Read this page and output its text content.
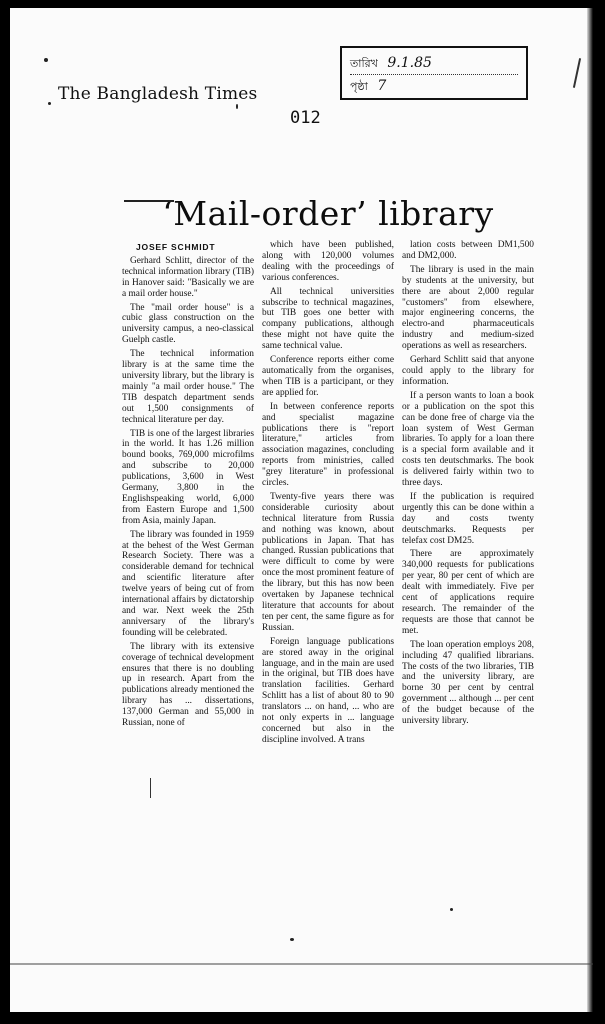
The Bangladesh Times
তারিখ 9.1.85
পৃষ্ঠা 7
012
‘Mail-order’ library
JOSEF SCHMIDT

Gerhard Schlitt, director of the technical information library (TIB) in Hanover said: "Basically we are a mail order house."

The "mail order house" is a cubic glass construction on the university campus, a neo-classical Guelph castle.

The technical information library is at the same time the university library, but the library is mainly "a mail order house." The TIB despatch department sends out 1,500 consignments of technical literature per day.

TIB is one of the largest libraries in the world. It has 1.26 million bound books, 769,000 microfilms and subscribe to 20,000 publications, 3,600 in West Germany, 3,800 in the Englishspeaking world, 6,000 from Eastern Europe and 1,500 from Asia, mainly Japan.

The library was founded in 1959 at the behest of the West German Research Society. There was a considerable demand for technical and scientific literature after twelve years of being cut of from international affairs by dictatorship and war. Next week the 25th anniversary of the library's founding will be celebrated.

The library with its extensive coverage of technical development ensures that there is no doubling up in research. Apart from the publications already mentioned the library has ... dissertations, 137,000 German and 55,000 in Russian, none of

which have been published, along with 120,000 volumes dealing with the proceedings of various conferences.

All technical universities subscribe to technical magazines, but TIB goes one better with company publications, although these might not have quite the same technical value.

Conference reports either come automatically from the organises, when TIB is a participant, or they are applied for.

In between conference reports and specialist magazine publications there is "report literature," articles from association magazines, concluding reports from ministries, called "grey literature" in professional circles.

Twenty-five years there was considerable curiosity about technical literature from Russia and nothing was known, about publications in Japan. That has changed. Russian publications that were difficult to come by were once the most prominent feature of the library, but this has now been overtaken by Japanese technical literature that accounts for about ten per cent, the same figure as for Russian.

Foreign language publications are stored away in the original language, and in the main are used in the original, but TIB does have translation facilities. Gerhard Schlitt has a list of about 80 to 90 translators ... on hand, ... who are not only experts in ... language concerned but also in the discipline involved. A trans

lation costs between DM1,500 and DM2,000.

The library is used in the main by students at the university, but there are about 2,000 regular "customers" from elsewhere, major engineering concerns, the electro-and pharmaceuticals industry and medium-sized operations as well as researchers.

Gerhard Schlitt said that anyone could apply to the library for information.

If a person wants to loan a book or a publication on the spot this can be done free of charge via the loan system of West German libraries. To apply for a loan there is a special form available and it costs ten deutschmarks. The book is delivered fairly within two to three days.

If the publication is required urgently this can be done within a day and costs twenty deutschmarks. Requests per telefax cost DM25.

There are approximately 340,000 requests for publications per year, 80 per cent of which are dealt with immediately. Five per cent of applications require research. The remainder of the requests are those that cannot be met.

The loan operation employs 208, including 47 qualified librarians. The costs of the two libraries, TIB and the university library, are borne 30 per cent by central government ... although ... per cent of the budget because of the university library.
